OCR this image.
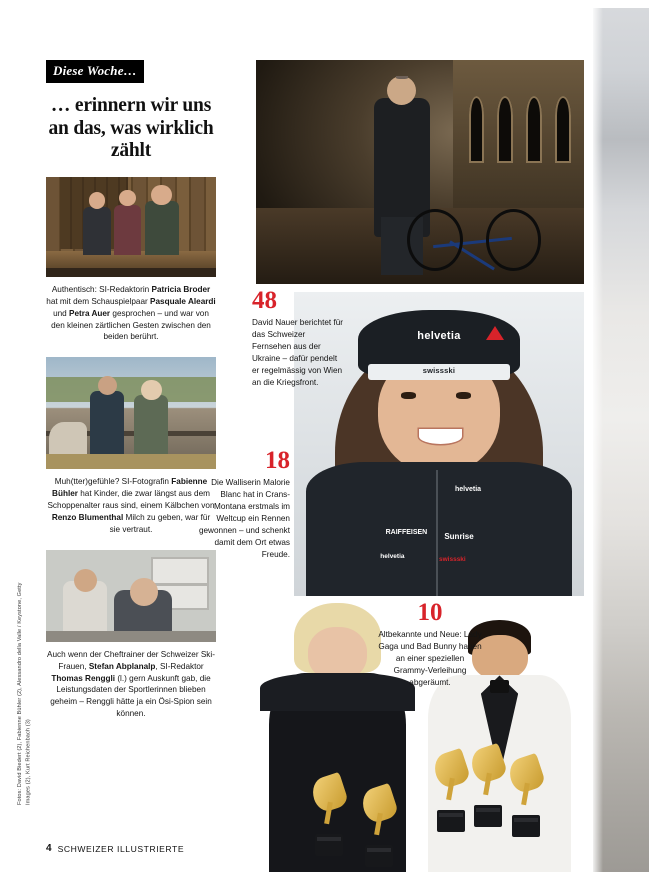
Diese Woche…
… erinnern wir uns an das, was wirklich zählt
Authentisch: SI-Redaktorin Patricia Broder hat mit dem Schauspielpaar Pasquale Aleardi und Petra Auer gesprochen – und war von den kleinen zärtlichen Gesten zwischen den beiden berührt.
Muh(tter)gefühle? SI-Fotografin Fabienne Bühler hat Kinder, die zwar längst aus dem Schoppenalter raus sind, einem Kälbchen von Renzo Blumenthal Milch zu geben, war für sie vertraut.
Auch wenn der Cheftrainer der Schweizer Ski-Frauen, Stefan Abplanalp, SI-Redaktor Thomas Renggli (l.) gern Auskunft gab, die Leistungsdaten der Sportlerinnen blieben geheim – Renggli hätte ja ein Ösi-Spion sein können.
Fotos: David Biedert (2), Fabienne Bühler (2), Alessandro della Valle / Keystone, Getty Images (2), Kurt Reichenbach (3)
helvetia
swissski
helvetia
RAIFFEISEN Sunrise
helvetia	swissski
48
David Nauer berichtet für das Schweizer Fernsehen aus der Ukraine – dafür pendelt er regelmässig von Wien an die Kriegsfront.
18
Die Walliserin Malorie Blanc hat in Crans-Montana erstmals im Weltcup ein Rennen gewonnen – und schenkt damit dem Ort etwas Freude.
10
Altbekannte und Neue: Lady Gaga und Bad Bunny haben an einer speziellen Grammy-Verleihung abgeräumt.
4 SCHWEIZER ILLUSTRIERTE
